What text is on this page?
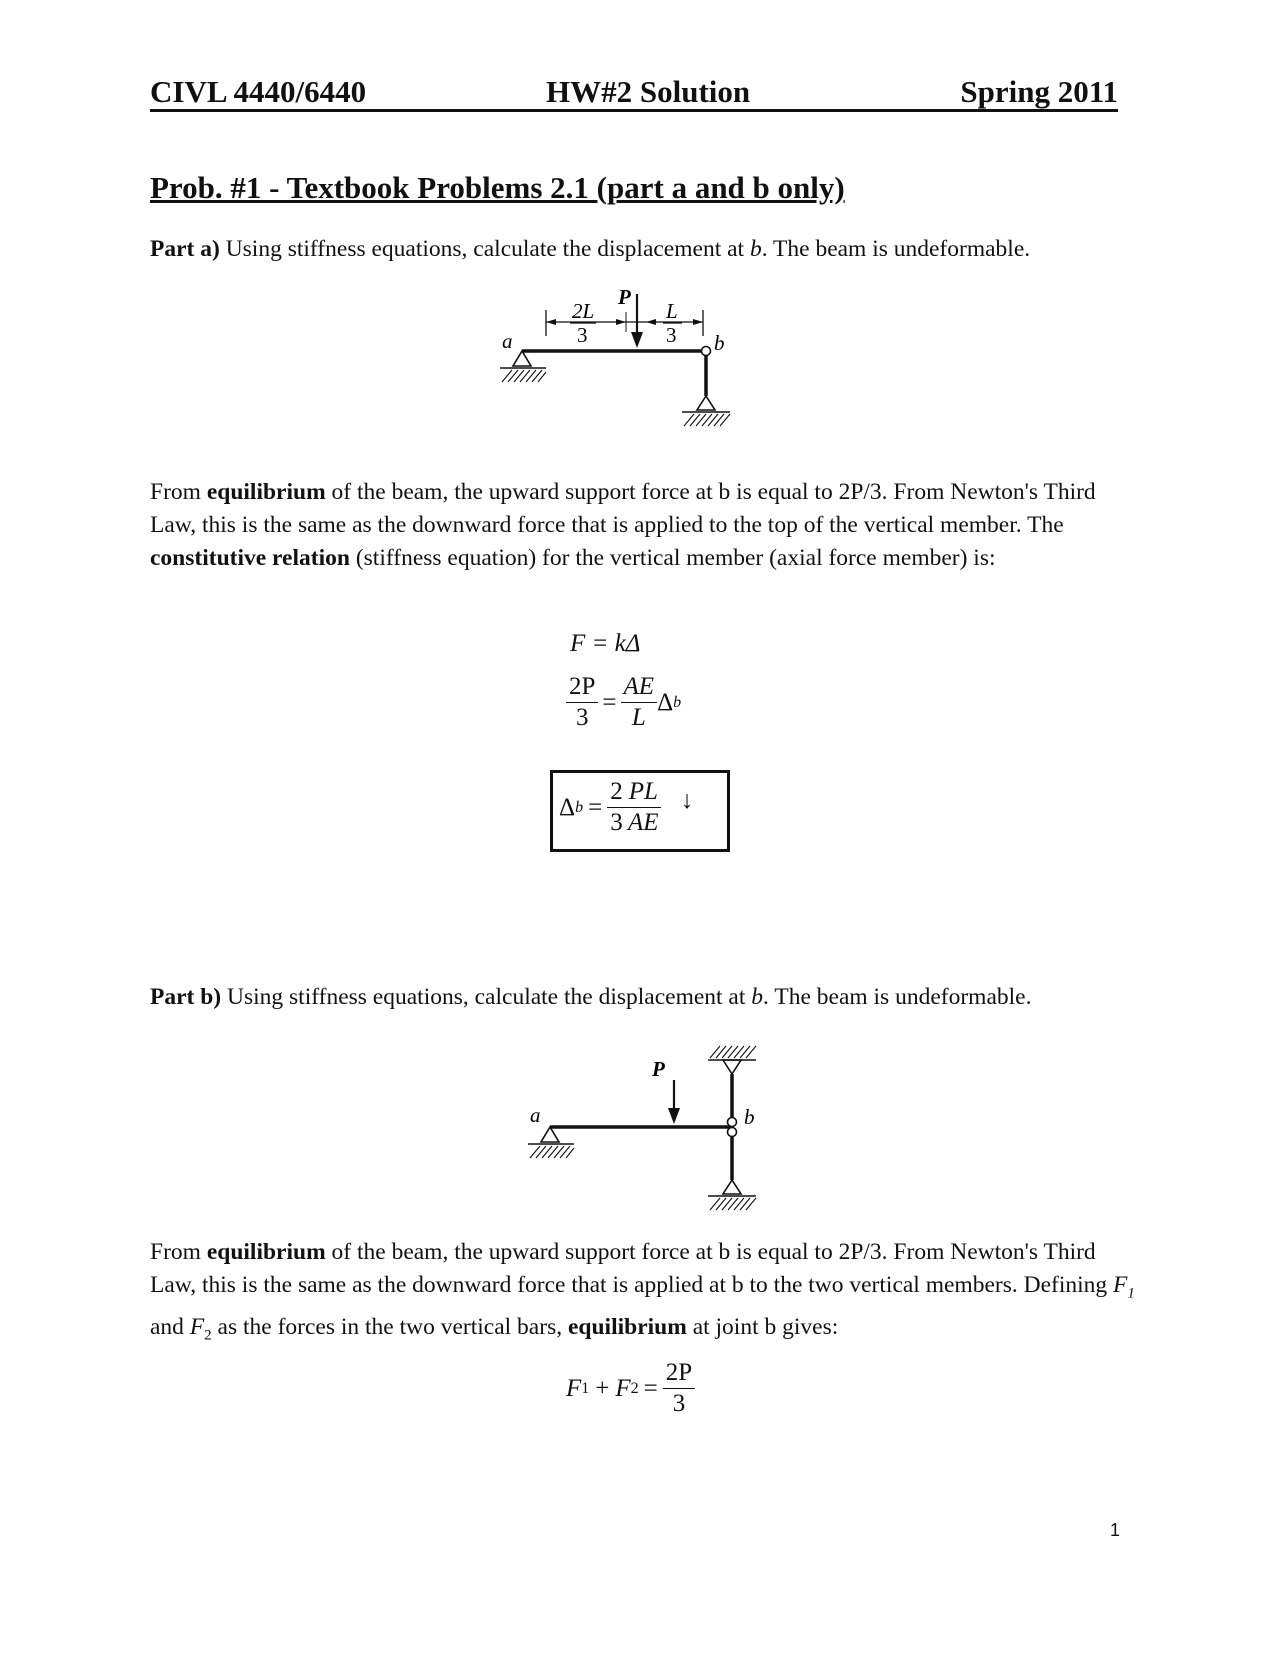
CIVL 4440/6440	HW#2 Solution	Spring 2011
Prob. #1 - Textbook Problems 2.1 (part a and b only)
Part a) Using stiffness equations, calculate the displacement at b. The beam is undeformable.
2L
3
L
3
P
a	b

From equilibrium of the beam, the upward support force at b is equal to 2P/3. From Newton's Third Law, this is the same as the downward force that is applied to the top of the vertical member. The constitutive relation (stiffness equation) for the vertical member (axial force member) is:

F = kΔ
$\frac{2P}{3} = \frac{AE}{L}$ Δ b
Δ $b = \frac{2}{3} \frac{PL}{AE}$ ↓
Part b) Using stiffness equations, calculate the displacement at b. The beam is undeformable.
P
a	b

From equilibrium of the beam, the upward support force at b is equal to 2P/3. From Newton's Third Law, this is the same as the downward force that is applied at b to the two vertical members. Defining $F_1$ and $F_2$ as the forces in the two vertical bars, equilibrium at joint b gives:

F 1 + F $2 = \frac{2P}{3}$
1
